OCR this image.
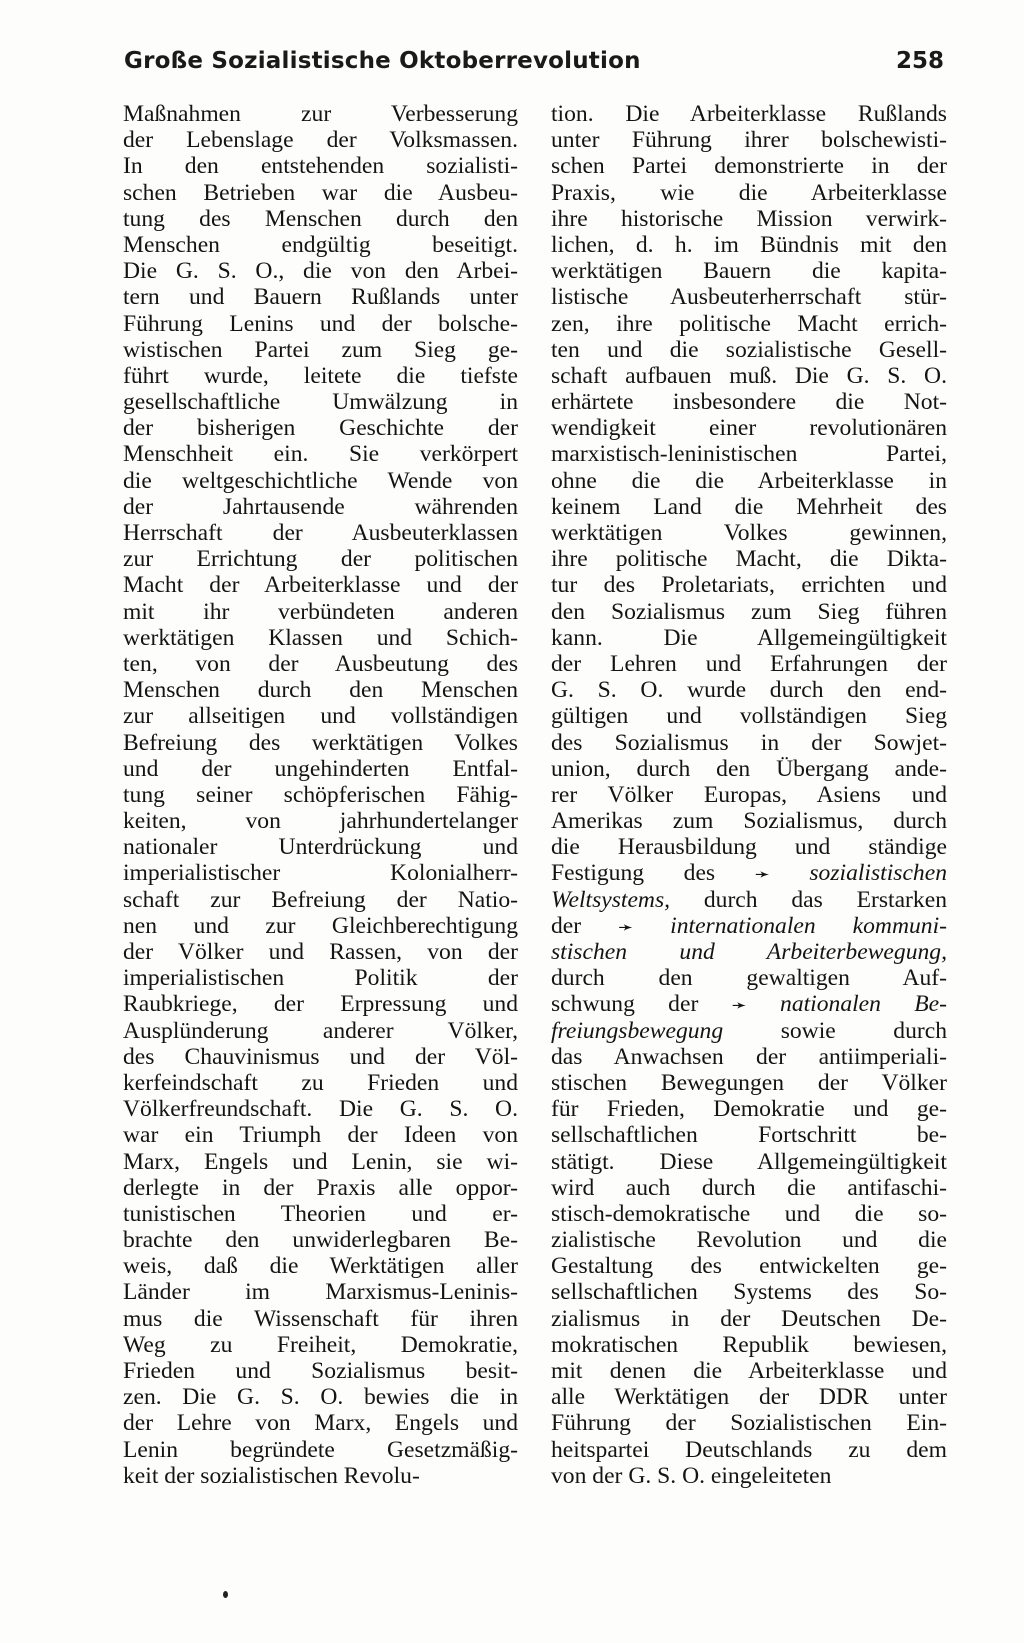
Große Sozialistische Oktoberrevolution	258
Maßnahmen zur Verbesserung
der Lebenslage der Volksmassen.
In den entstehenden sozialisti-
schen Betrieben war die Ausbeu-
tung des Menschen durch den
Menschen endgültig beseitigt.
Die G. S. O., die von den Arbei-
tern und Bauern Rußlands unter
Führung Lenins und der bolsche-
wistischen Partei zum Sieg ge-
führt wurde, leitete die tiefste
gesellschaftliche Umwälzung in
der bisherigen Geschichte der
Menschheit ein. Sie verkörpert
die weltgeschichtliche Wende von
der Jahrtausende währenden
Herrschaft der Ausbeuterklassen
zur Errichtung der politischen
Macht der Arbeiterklasse und der
mit ihr verbündeten anderen
werktätigen Klassen und Schich-
ten, von der Ausbeutung des
Menschen durch den Menschen
zur allseitigen und vollständigen
Befreiung des werktätigen Volkes
und der ungehinderten Entfal-
tung seiner schöpferischen Fähig-
keiten, von jahrhundertelanger
nationaler Unterdrückung und
imperialistischer Kolonialherr-
schaft zur Befreiung der Natio-
nen und zur Gleichberechtigung
der Völker und Rassen, von der
imperialistischen Politik der
Raubkriege, der Erpressung und
Ausplünderung anderer Völker,
des Chauvinismus und der Völ-
kerfeindschaft zu Frieden und
Völkerfreundschaft. Die G. S. O.
war ein Triumph der Ideen von
Marx, Engels und Lenin, sie wi-
derlegte in der Praxis alle oppor-
tunistischen Theorien und er-
brachte den unwiderlegbaren Be-
weis, daß die Werktätigen aller
Länder im Marxismus-Leninis-
mus die Wissenschaft für ihren
Weg zu Freiheit, Demokratie,
Frieden und Sozialismus besit-
zen. Die G. S. O. bewies die in
der Lehre von Marx, Engels und
Lenin begründete Gesetzmäßig-
keit der sozialistischen Revolu-
tion. Die Arbeiterklasse Rußlands
unter Führung ihrer bolschewisti-
schen Partei demonstrierte in der
Praxis, wie die Arbeiterklasse
ihre historische Mission verwirk-
lichen, d. h. im Bündnis mit den
werktätigen Bauern die kapita-
listische Ausbeuterherrschaft stür-
zen, ihre politische Macht errich-
ten und die sozialistische Gesell-
schaft aufbauen muß. Die G. S. O.
erhärtete insbesondere die Not-
wendigkeit einer revolutionären
marxistisch-leninistischen Partei,
ohne die die Arbeiterklasse in
keinem Land die Mehrheit des
werktätigen Volkes gewinnen,
ihre politische Macht, die Dikta-
tur des Proletariats, errichten und
den Sozialismus zum Sieg führen
kann. Die Allgemeingültigkeit
der Lehren und Erfahrungen der
G. S. O. wurde durch den end-
gültigen und vollständigen Sieg
des Sozialismus in der Sowjet-
union, durch den Übergang ande-
rer Völker Europas, Asiens und
Amerikas zum Sozialismus, durch
die Herausbildung und ständige
Festigung des ➛ sozialistischen
Weltsystems, durch das Erstarken
der ➛ internationalen kommuni-
stischen und Arbeiterbewegung,
durch den gewaltigen Auf-
schwung der ➛ nationalen Be-
freiungsbewegung sowie durch
das Anwachsen der antiimperiali-
stischen Bewegungen der Völker
für Frieden, Demokratie und ge-
sellschaftlichen Fortschritt be-
stätigt. Diese Allgemeingültigkeit
wird auch durch die antifaschi-
stisch-demokratische und die so-
zialistische Revolution und die
Gestaltung des entwickelten ge-
sellschaftlichen Systems des So-
zialismus in der Deutschen De-
mokratischen Republik bewiesen,
mit denen die Arbeiterklasse und
alle Werktätigen der DDR unter
Führung der Sozialistischen Ein-
heitspartei Deutschlands zu dem
von der G. S. O. eingeleiteten
